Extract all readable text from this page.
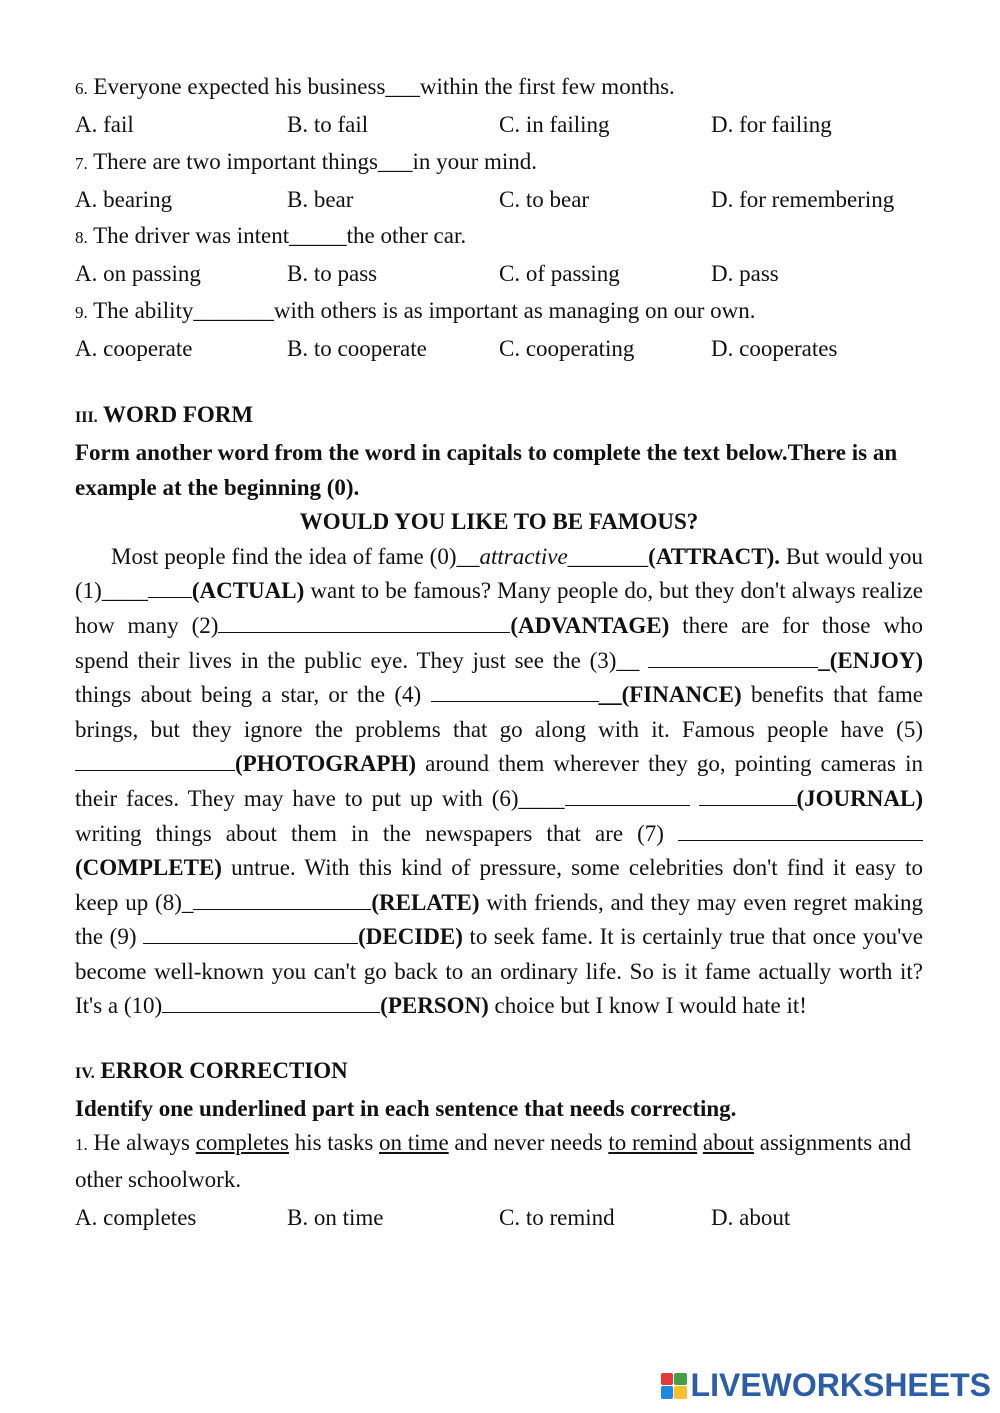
6. Everyone expected his business___within the first few months.
A. fail	B. to fail	C. in failing	D. for failing
7. There are two important things___in your mind.
A. bearing	B. bear	C. to bear	D. for remembering
8. The driver was intent_____the other car.
A. on passing	B. to pass	C. of passing	D. pass
9. The ability_______with others is as important as managing on our own.
A. cooperate	B. to cooperate	C. cooperating	D. cooperates
III. WORD FORM
Form another word from the word in capitals to complete the text below.There is an example at the beginning (0).
WOULD YOU LIKE TO BE FAMOUS?
Most people find the idea of fame (0)__attractive_______(ATTRACT). But would you (1)____ (ACTUAL) want to be famous? Many people do, but they don't always realize how many (2)	(ADVANTAGE) there are for those who spend their lives in the public eye. They just see the (3)__	_(ENJOY) things about being a star, or the (4)	__(FINANCE) benefits that fame brings, but they ignore the problems that go along with it. Famous people have (5) (PHOTOGRAPH) around them wherever they go, pointing cameras in their faces. They may have to put up with (6)____	(JOURNAL) writing things about them in the newspapers that are (7) (COMPLETE) untrue. With this kind of pressure, some celebrities don't find it easy to keep up (8)_	(RELATE) with friends, and they may even regret making the (9)	(DECIDE) to seek fame. It is certainly true that once you've become well-known you can't go back to an ordinary life. So is it fame actually worth it? It's a (10)	(PERSON) choice but I know I would hate it!
IV. ERROR CORRECTION
Identify one underlined part in each sentence that needs correcting.
1. He always completes his tasks on time and never needs to remind about assignments and other schoolwork.
A. completes	B. on time	C. to remind	D. about
LIVEWORKSHEETS
